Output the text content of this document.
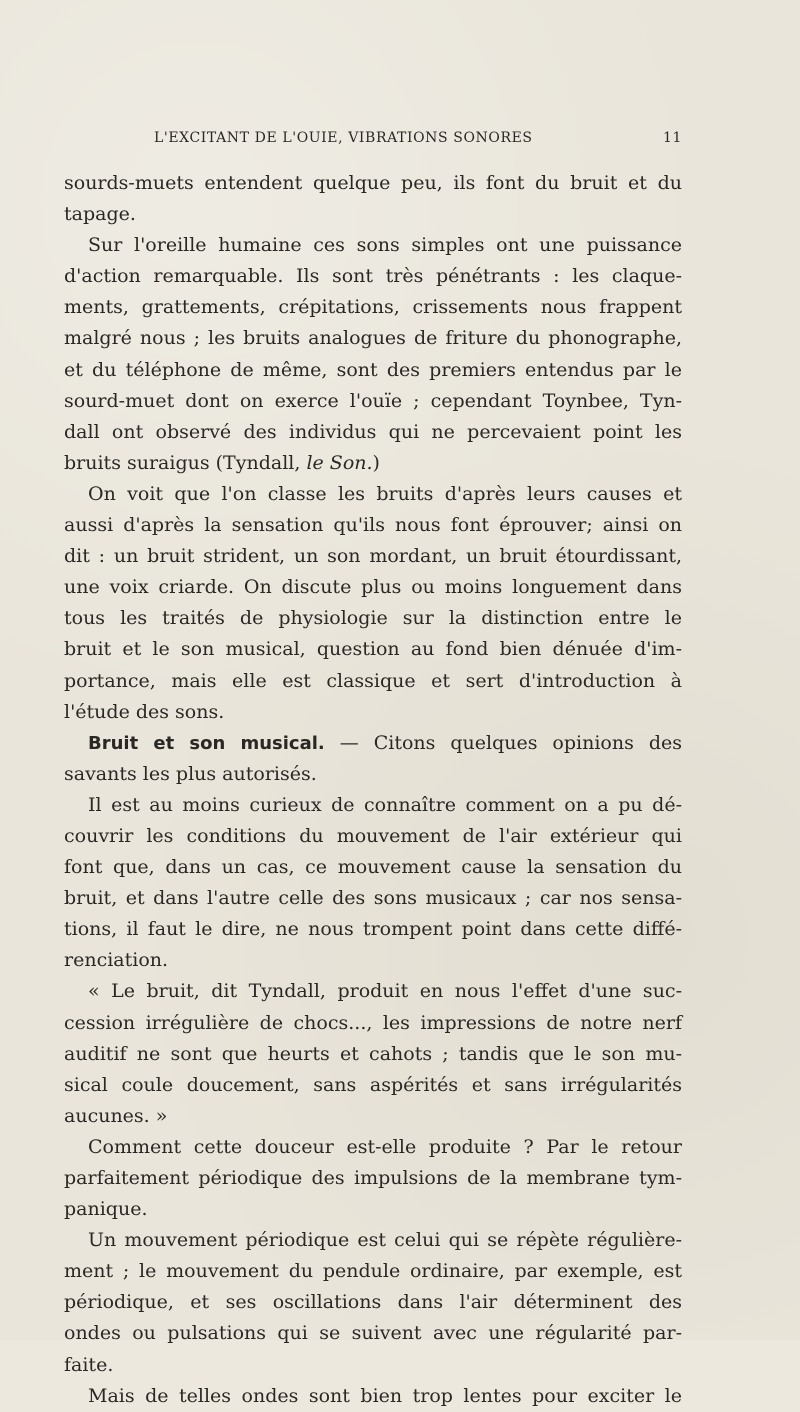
L'EXCITANT DE L'OUIE, VIBRATIONS SONORES	11
sourds-muets entendent quelque peu, ils font du bruit et du
tapage.
Sur l'oreille humaine ces sons simples ont une puissance
d'action remarquable. Ils sont très pénétrants : les claque-
ments, grattements, crépitations, crissements nous frappent
malgré nous ; les bruits analogues de friture du phonographe,
et du téléphone de même, sont des premiers entendus par le
sourd-muet dont on exerce l'ouïe ; cependant Toynbee, Tyn-
dall ont observé des individus qui ne percevaient point les
bruits suraigus (Tyndall, le Son.)
On voit que l'on classe les bruits d'après leurs causes et
aussi d'après la sensation qu'ils nous font éprouver; ainsi on
dit : un bruit strident, un son mordant, un bruit étourdissant,
une voix criarde. On discute plus ou moins longuement dans
tous les traités de physiologie sur la distinction entre le
bruit et le son musical, question au fond bien dénuée d'im-
portance, mais elle est classique et sert d'introduction à
l'étude des sons.
Bruit et son musical. — Citons quelques opinions des
savants les plus autorisés.
Il est au moins curieux de connaître comment on a pu dé-
couvrir les conditions du mouvement de l'air extérieur qui
font que, dans un cas, ce mouvement cause la sensation du
bruit, et dans l'autre celle des sons musicaux ; car nos sensa-
tions, il faut le dire, ne nous trompent point dans cette diffé-
renciation.
« Le bruit, dit Tyndall, produit en nous l'effet d'une suc-
cession irrégulière de chocs..., les impressions de notre nerf
auditif ne sont que heurts et cahots ; tandis que le son mu-
sical coule doucement, sans aspérités et sans irrégularités
aucunes. »
Comment cette douceur est-elle produite ? Par le retour
parfaitement périodique des impulsions de la membrane tym-
panique.
Un mouvement périodique est celui qui se répète régulière-
ment ; le mouvement du pendule ordinaire, par exemple, est
périodique, et ses oscillations dans l'air déterminent des
ondes ou pulsations qui se suivent avec une régularité par-
faite.
Mais de telles ondes sont bien trop lentes pour exciter le
